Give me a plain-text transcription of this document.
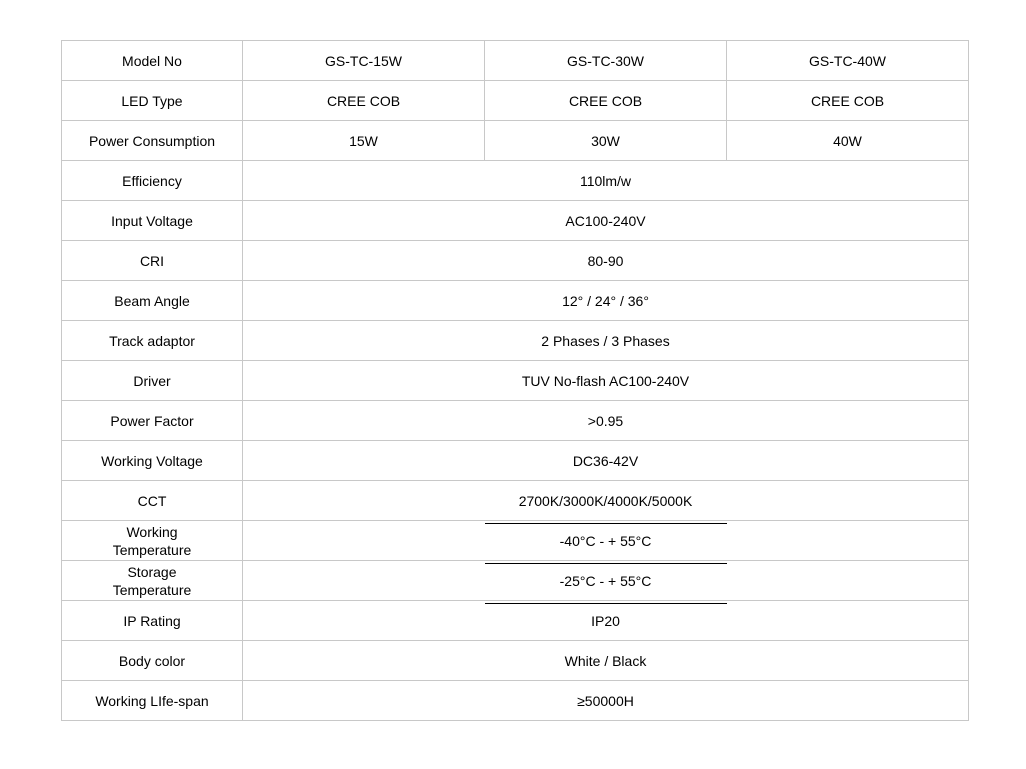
Model No	GS-TC-15W	GS-TC-30W	GS-TC-40W
LED Type	CREE COB	CREE COB	CREE COB
Power Consumption	15W	30W	40W
Efficiency	110lm/w		
Input Voltage	AC100-240V		
CRI	80-90		
Beam Angle	12° / 24° / 36°		
Track adaptor	2 Phases / 3 Phases		
Driver	TUV No-flash AC100-240V		
Power Factor	>0.95		
Working Voltage	DC36-42V		
CCT	2700K/3000K/4000K/5000K		
Working
Temperature	-40°C - + 55°C		
Storage
Temperature	-25°C - + 55°C		
IP Rating	IP20		
Body color	White / Black		
Working LIfe-span	≥50000H		
